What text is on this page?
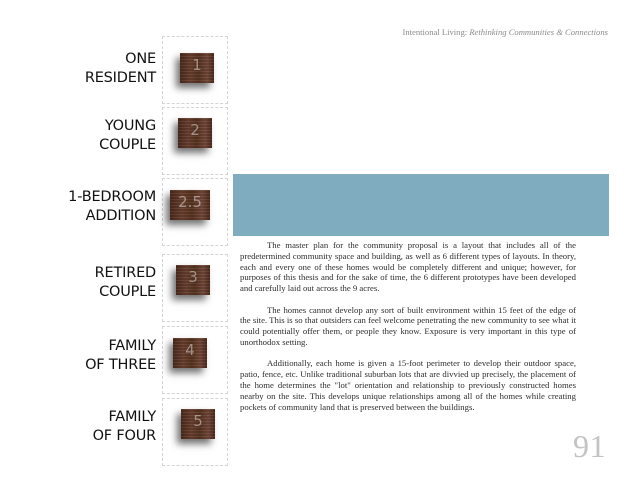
Intentional Living: Rethinking Communities & Connections
ONE
RESIDENT
1
YOUNG
COUPLE
2
1-BEDROOM
ADDITION
2.5
RETIRED
COUPLE
3
FAMILY
OF THREE
4
FAMILY
OF FOUR
5

The master plan for the community proposal is a layout that includes all of the predetermined community space and building, as well as 6 different types of layouts. In theory, each and every one of these homes would be completely different and unique; however, for purposes of this thesis and for the sake of time, the 6 different prototypes have been developed and carefully laid out across the 9 acres.

The homes cannot develop any sort of built environment within 15 feet of the edge of the site. This is so that outsiders can feel welcome penetrating the new community to see what it could potentially offer them, or people they know. Exposure is very important in this type of unorthodox setting.

Additionally, each home is given a 15-foot perimeter to develop their outdoor space, patio, fence, etc. Unlike traditional suburban lots that are divvied up precisely, the placement of the home determines the "lot" orientation and relationship to previously constructed homes nearby on the site. This develops unique relationships among all of the homes while creating pockets of community land that is preserved between the buildings.

91
